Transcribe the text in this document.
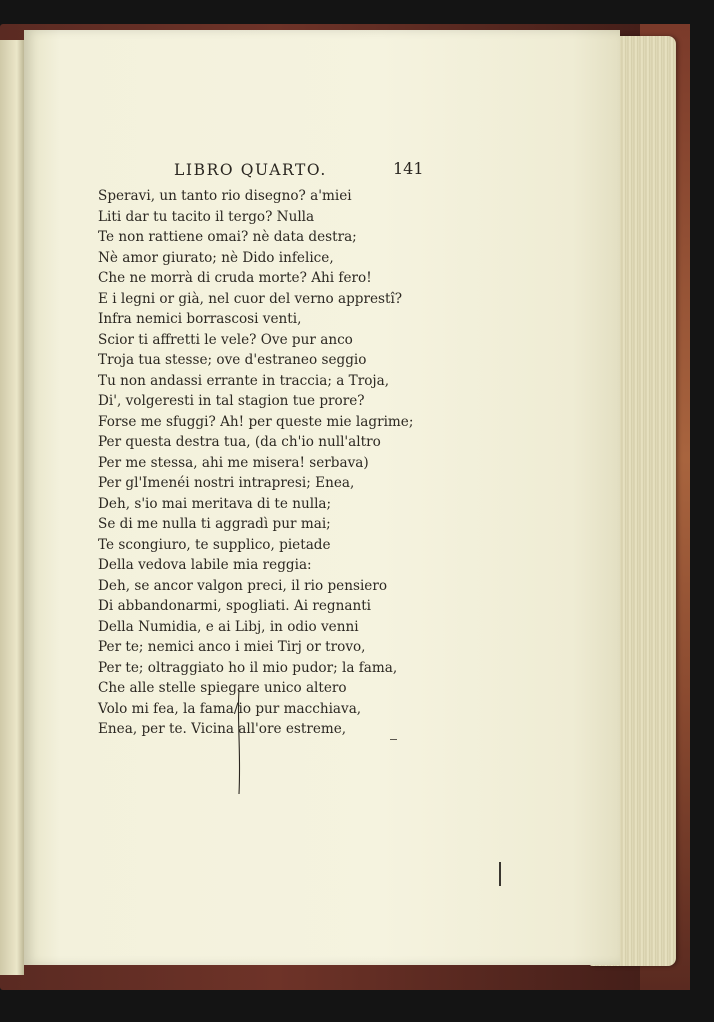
LIBRO QUARTO.	141
Speravi, un tanto rio disegno? a'miei
Liti dar tu tacito il tergo? Nulla
Te non rattiene omai? nè data destra;
Nè amor giurato; nè Dido infelice,
Che ne morrà di cruda morte? Ahi fero!
E i legni or già, nel cuor del verno apprestî?
Infra nemici borrascosi venti,
Scior ti affretti le vele? Ove pur anco
Troja tua stesse; ove d'estraneo seggio
Tu non andassi errante in traccia; a Troja,
Di', volgeresti in tal stagion tue prore?
Forse me sfuggi? Ah! per queste mie lagrime;
Per questa destra tua, (da ch'io null'altro
Per me stessa, ahi me misera! serbava)
Per gl'Imenéi nostri intrapresi; Enea,
Deh, s'io mai meritava di te nulla;
Se di me nulla ti aggradì pur mai;
Te scongiuro, te supplico, pietade
Della vedova labile mia reggia:
Deh, se ancor valgon preci, il rio pensiero
Di abbandonarmi, spogliati. Ai regnanti
Della Numidia, e ai Libj, in odio venni
Per te; nemici anco i miei Tirj or trovo,
Per te; oltraggiato ho il mio pudor; la fama,
Che alle stelle spiegare unico altero
Volo mi fea, la fama/io pur macchiava,
Enea, per te. Vicina all'ore estreme,
